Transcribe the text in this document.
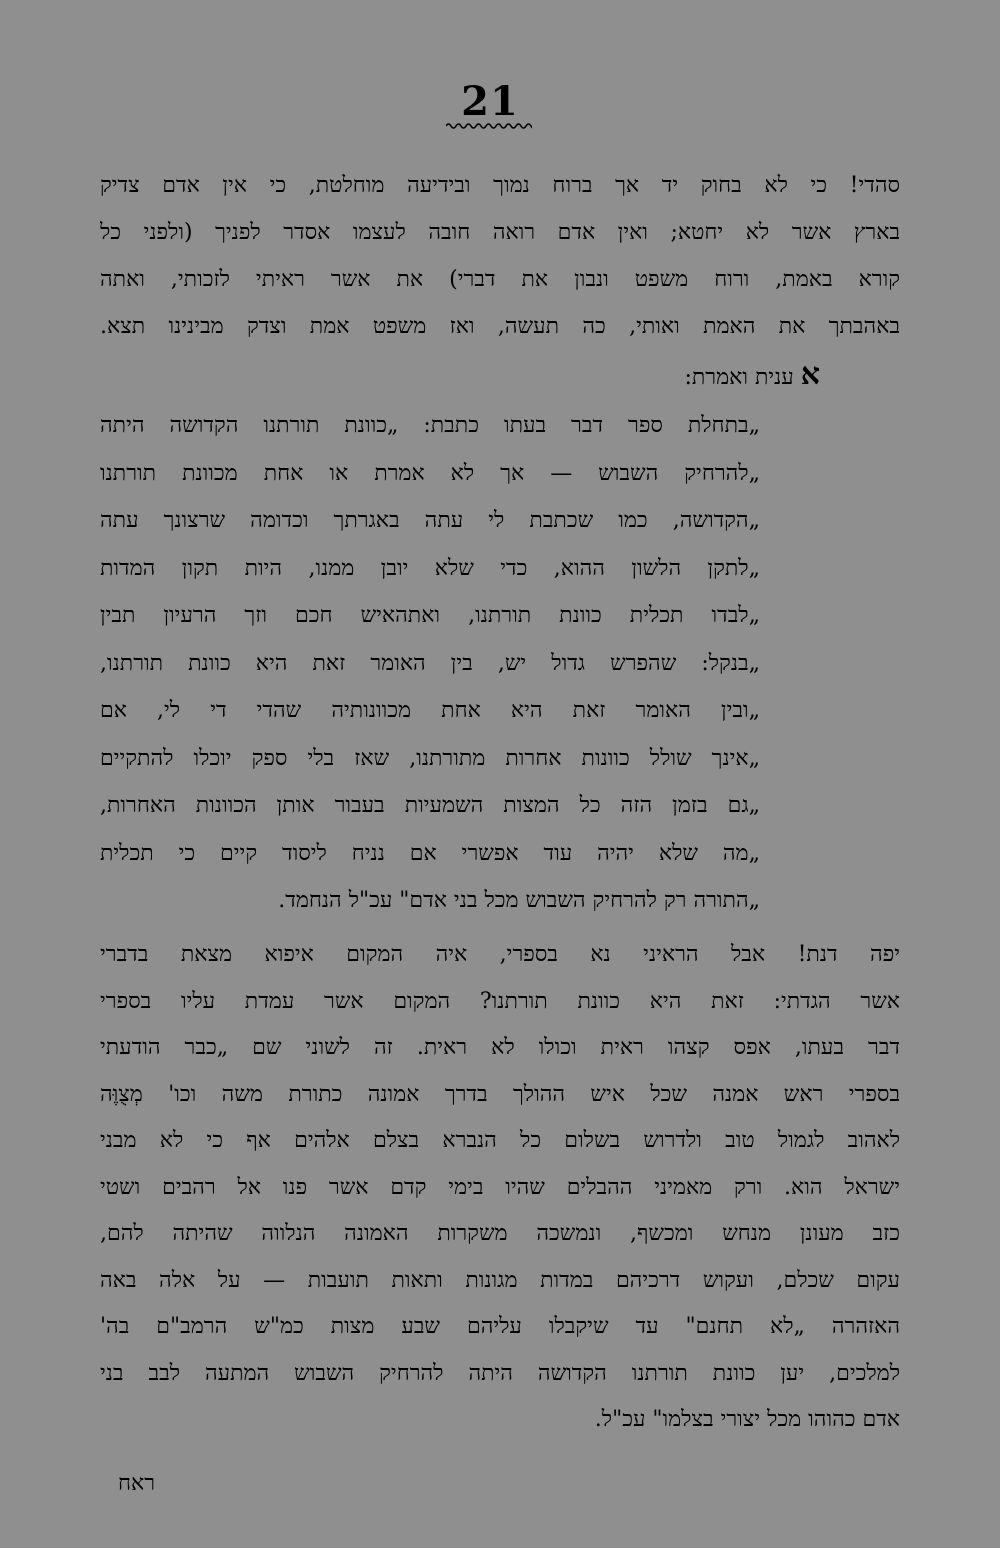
21
סהדי! כי לא בחוק יד אך ברוח נמוך ובידיעה מוחלטת, כי אין אדם צדיק
בארץ אשר לא יחטא; ואין אדם רואה חובה לעצמו אסדר לפניך (ולפני כל
קורא באמת, ורוח משפט ונבון את דברי) את אשר ראיתי לזכותי, ואתה
באהבתך את האמת ואותי, כה תעשה, ואז משפט אמת וצדק מבינינו תצא.
א ענית ואמרת:
„בתחלת ספר דבר בעתו כתבת: „כוונת תורתנו הקדושה היתה
„להרחיק השבוש — אך לא אמרת או אחת מכוונת תורתנו
„הקדושה, כמו שכתבת לי עתה באגרתך וכדומה שרצונך עתה
„לתקן הלשון ההוא, כדי שלא יובן ממנו, היות תקון המדות
„לבדו תכלית כוונת תורתנו, ואתהאיש חכם וזך הרעיון תבין
„בנקל: שהפרש גדול יש, בין האומר זאת היא כוונת תורתנו,
„ובין האומר זאת היא אחת מכוונותיה שהדי די לי, אם
„אינך שולל כוונות אחרות מתורתנו, שאז בלי ספק יוכלו להתקיים
„גם בזמן הזה כל המצות השמעיות בעבור אותן הכוונות האחרות,
„מה שלא יהיה עוד אפשרי אם נניח ליסוד קיים כי תכלית
„התורה רק להרחיק השבוש מכל בני אדם" עכ"ל הנחמד.
יפה דנת! אבל הראיני נא בספרי, איה המקום איפוא מצאת בדברי
אשר הגדתי: זאת היא כוונת תורתנו? המקום אשר עמדת עליו בספרי
דבר בעתו, אפס קצהו ראית וכולו לא ראית. זה לשוני שם „כבר הודעתי
בספרי ראש אמנה שכל איש ההולך בדרך אמונה כתורת משה וכו' מְצֻוֶּה
לאהוב לגמול טוב ולדרוש בשלום כל הנברא בצלם אלהים אף כי לא מבני
ישראל הוא. ורק מאמיני ההבלים שהיו בימי קדם אשר פנו אל רהבים ושטי
כזב מעונן מנחש ומכשף, ונמשכה משקרות האמונה הנלווה שהיתה להם,
עקום שכלם, ועקוש דרכיהם במדות מגונות ותאות תועבות — על אלה באה
האזהרה „לא תחנם" עד שיקבלו עליהם שבע מצות כמ"ש הרמב"ם בה'
למלכים, יען כוונת תורתנו הקדושה היתה להרחיק השבוש המתעה לבב בני
אדם כהוהו מכל יצורי בצלמו" עכ"ל.
ראח
